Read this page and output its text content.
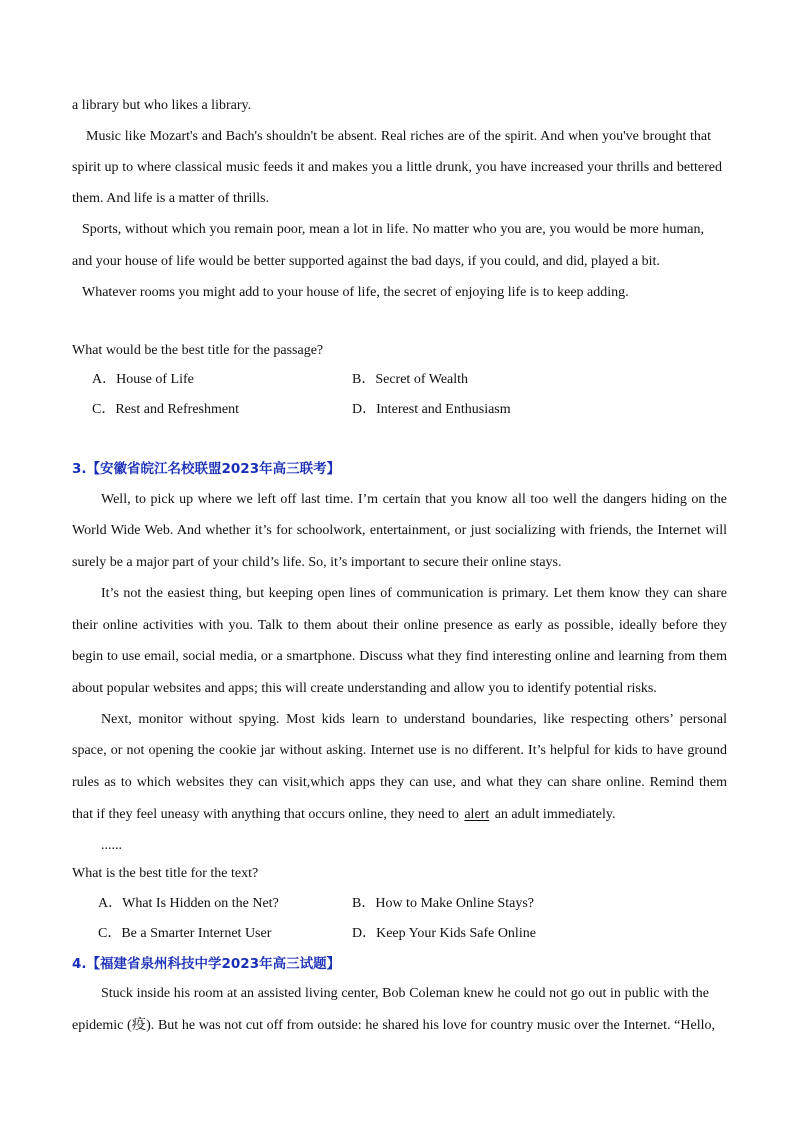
a library but who likes a library.
Music like Mozart's and Bach's shouldn't be absent. Real riches are of the spirit. And when you've brought that
spirit up to where classical music feeds it and makes you a little drunk, you have increased your thrills and bettered
them. And life is a matter of thrills.
Sports, without which you remain poor, mean a lot in life. No matter who you are, you would be more human,
and your house of life would be better supported against the bad days, if you could, and did, played a bit.
Whatever rooms you might add to your house of life, the secret of enjoying life is to keep adding.
What would be the best title for the passage?
A．House of Life	B．Secret of Wealth
C．Rest and Refreshment	D．Interest and Enthusiasm
3.【安徽省皖江名校联盟2023年高三联考】
Well, to pick up where we left off last time. I’m certain that you know all too well the dangers hiding on the
World Wide Web. And whether it’s for schoolwork, entertainment, or just socializing with friends, the Internet will
surely be a major part of your child’s life. So, it’s important to secure their online stays.
It’s not the easiest thing, but keeping open lines of communication is primary. Let them know they can share
their online activities with you. Talk to them about their online presence as early as possible, ideally before they
begin to use email, social media, or a smartphone. Discuss what they find interesting online and learning from them
about popular websites and apps; this will create understanding and allow you to identify potential risks.
Next, monitor without spying. Most kids learn to understand boundaries, like respecting others’ personal
space, or not opening the cookie jar without asking. Internet use is no different. It’s helpful for kids to have ground
rules as to which websites they can visit,which apps they can use, and what they can share online. Remind them
that if they feel uneasy with anything that occurs online, they need to alert an adult immediately.
......
What is the best title for the text?
A．What Is Hidden on the Net?	B．How to Make Online Stays?
C．Be a Smarter Internet User	D．Keep Your Kids Safe Online
4.【福建省泉州科技中学2023年高三试题】
Stuck inside his room at an assisted living center, Bob Coleman knew he could not go out in public with the
epidemic (疫). But he was not cut off from outside: he shared his love for country music over the Internet. “Hello,
